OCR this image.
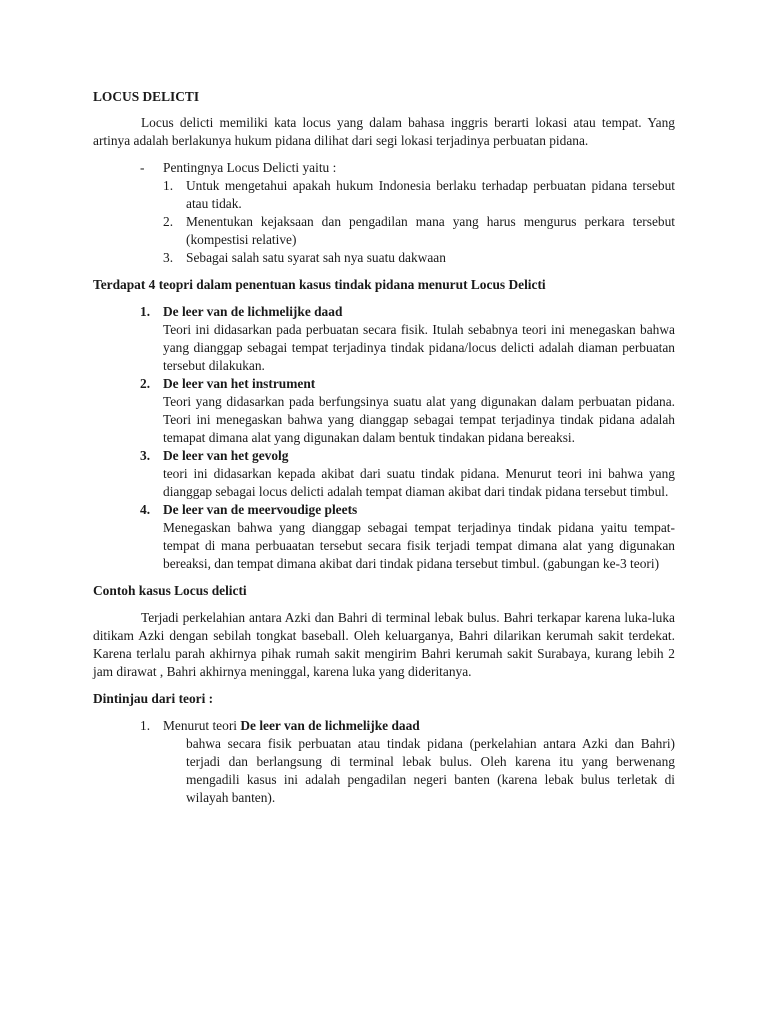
LOCUS DELICTI

Locus delicti memiliki kata locus yang dalam bahasa inggris berarti lokasi atau tempat. Yang artinya adalah berlakunya hukum pidana dilihat dari segi lokasi terjadinya perbuatan pidana.

-	Pentingnya Locus Delicti yaitu :
1. Untuk mengetahui apakah hukum Indonesia berlaku terhadap perbuatan pidana tersebut atau tidak.
2. Menentukan kejaksaan dan pengadilan mana yang harus mengurus perkara tersebut (kompestisi relative)
3. Sebagai salah satu syarat sah nya suatu dakwaan

Terdapat 4 teopri dalam penentuan kasus tindak pidana menurut Locus Delicti

1. De leer van de lichmelijke daad
Teori ini didasarkan pada perbuatan secara fisik. Itulah sebabnya teori ini menegaskan bahwa yang dianggap sebagai tempat terjadinya tindak pidana/locus delicti adalah diaman perbuatan tersebut dilakukan.
2. De leer van het instrument
Teori yang didasarkan pada berfungsinya suatu alat yang digunakan dalam perbuatan pidana. Teori ini menegaskan bahwa yang dianggap sebagai tempat terjadinya tindak pidana adalah temapat dimana alat yang digunakan dalam bentuk tindakan pidana bereaksi.
3. De leer van het gevolg
teori ini didasarkan kepada akibat dari suatu tindak pidana. Menurut teori ini bahwa yang dianggap sebagai locus delicti adalah tempat diaman akibat dari tindak pidana tersebut timbul.
4. De leer van de meervoudige pleets
Menegaskan bahwa yang dianggap sebagai tempat terjadinya tindak pidana yaitu tempat-tempat di mana perbuaatan tersebut secara fisik terjadi tempat dimana alat yang digunakan bereaksi, dan tempat dimana akibat dari tindak pidana tersebut timbul. (gabungan ke-3 teori)

Contoh kasus Locus delicti

Terjadi perkelahian antara Azki dan Bahri di terminal lebak bulus. Bahri terkapar karena luka-luka ditikam Azki dengan sebilah tongkat baseball. Oleh keluarganya, Bahri dilarikan kerumah sakit terdekat. Karena terlalu parah akhirnya pihak rumah sakit mengirim Bahri kerumah sakit Surabaya, kurang lebih 2 jam dirawat , Bahri akhirnya meninggal, karena luka yang dideritanya.

Dintinjau dari teori :

1. Menurut teori De leer van de lichmelijke daad
bahwa secara fisik perbuatan atau tindak pidana (perkelahian antara Azki dan Bahri) terjadi dan berlangsung di terminal lebak bulus. Oleh karena itu yang berwenang mengadili kasus ini adalah pengadilan negeri banten (karena lebak bulus terletak di wilayah banten).
